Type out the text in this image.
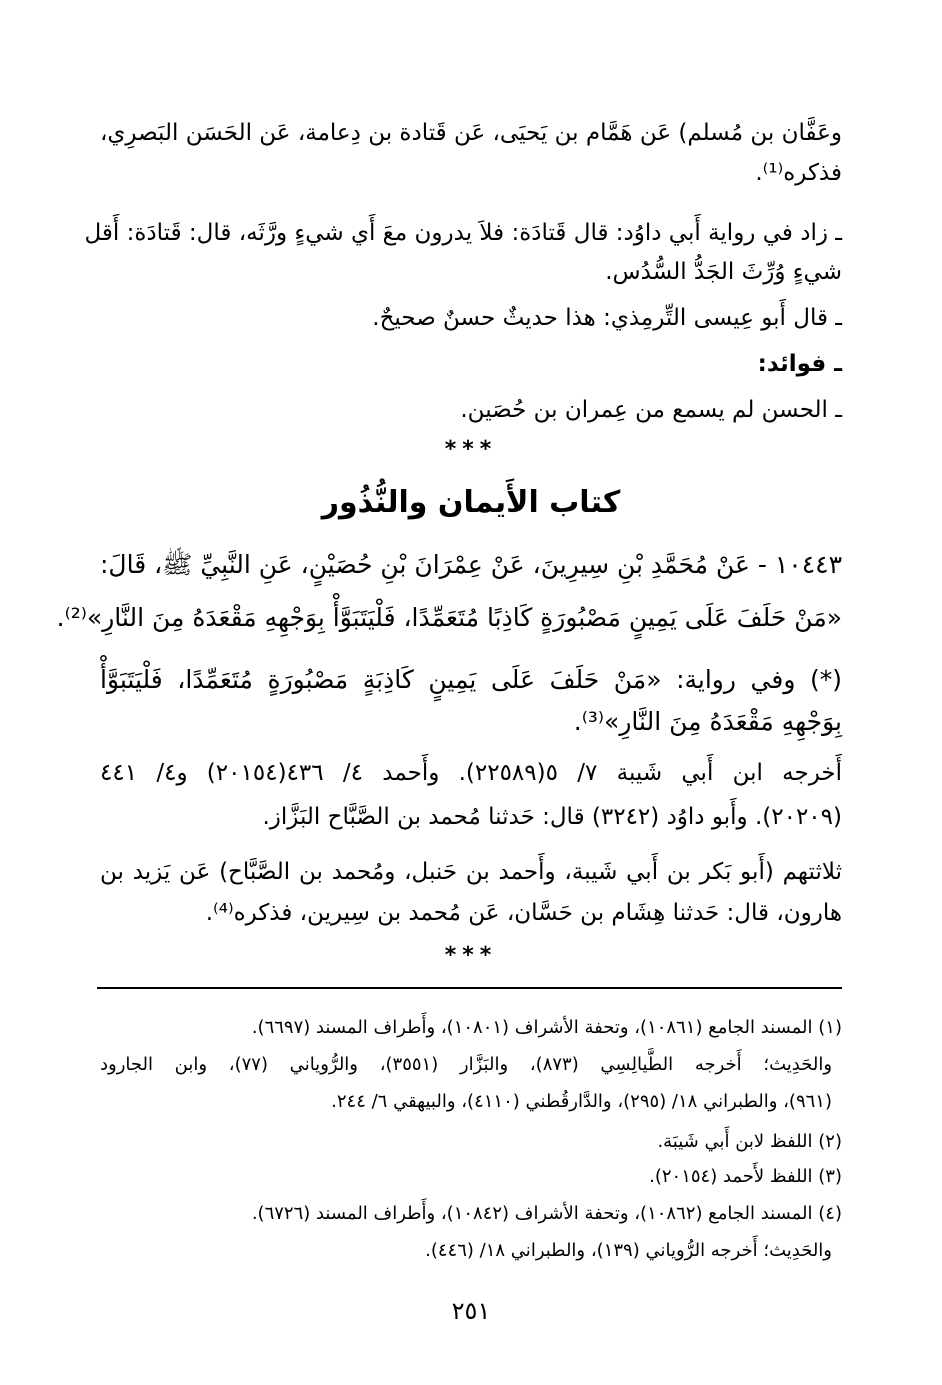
وعَفَّان بن مُسلم) عَن هَمَّام بن يَحيَى، عَن قَتادة بن دِعامة، عَن الحَسَن البَصرِي،
فذكره⁽¹⁾.
ـ زاد في رواية أَبي داوُد: قال قَتادَة: فلاَ يدرون معَ أَي شيءٍ ورَّثَه، قال: قَتادَة: أَقل
شيءٍ وُرِّثَ الجَدُّ السُّدُس.
ـ قال أَبو عِيسى التِّرمِذي: هذا حديثٌ حسنٌ صحيحٌ.
ـ فوائد:
ـ الحسن لم يسمع من عِمران بن حُصَين.
***
كتاب الأَيمان والنُّذُور
١٠٤٤٣ - عَنْ مُحَمَّدِ بْنِ سِيرِينَ، عَنْ عِمْرَانَ بْنِ حُصَيْنٍ، عَنِ النَّبِيِّ ﷺ، قَالَ:
«مَنْ حَلَفَ عَلَى يَمِينٍ مَصْبُورَةٍ كَاذِبًا مُتَعَمِّدًا، فَلْيَتَبَوَّأْ بِوَجْهِهِ مَقْعَدَهُ مِنَ النَّارِ»⁽²⁾.
(*) وفي رواية: «مَنْ حَلَفَ عَلَى يَمِينٍ كَاذِبَةٍ مَصْبُورَةٍ مُتَعَمِّدًا، فَلْيَتَبَوَّأْ
بِوَجْهِهِ مَقْعَدَهُ مِنَ النَّارِ»⁽³⁾.
أَخرجه ابن أَبي شَيبة ٧/ ٥(٢٢٥٨٩). وأَحمد ٤/ ٤٣٦(٢٠١٥٤) و٤/ ٤٤١
(٢٠٢٠٩). وأَبو داوُد (٣٢٤٢) قال: حَدثنا مُحمد بن الصَّبَّاح البَزَّاز.
ثلاثتهم (أَبو بَكر بن أَبي شَيبة، وأَحمد بن حَنبل، ومُحمد بن الصَّبَّاح) عَن يَزيد بن
هارون، قال: حَدثنا هِشَام بن حَسَّان، عَن مُحمد بن سِيرين، فذكره⁽⁴⁾.
***
(١) المسند الجامع (١٠٨٦١)، وتحفة الأشراف (١٠٨٠١)، وأَطراف المسند (٦٦٩٧).
والحَدِيث؛ أَخرجه الطَّيالِسِي (٨٧٣)، والبَزَّار (٣٥٥١)، والرُّوياني (٧٧)، وابن الجارود
(٩٦١)، والطبراني ١٨/ (٢٩٥)، والدَّارقُطني (٤١١٠)، والبيهقي ٦/ ٢٤٤.
(٢) اللفظ لابن أَبي شَيبَة.
(٣) اللفظ لأَحمد (٢٠١٥٤).
(٤) المسند الجامع (١٠٨٦٢)، وتحفة الأشراف (١٠٨٤٢)، وأَطراف المسند (٦٧٢٦).
والحَدِيث؛ أَخرجه الرُّوياني (١٣٩)، والطبراني ١٨/ (٤٤٦).
٢٥١
